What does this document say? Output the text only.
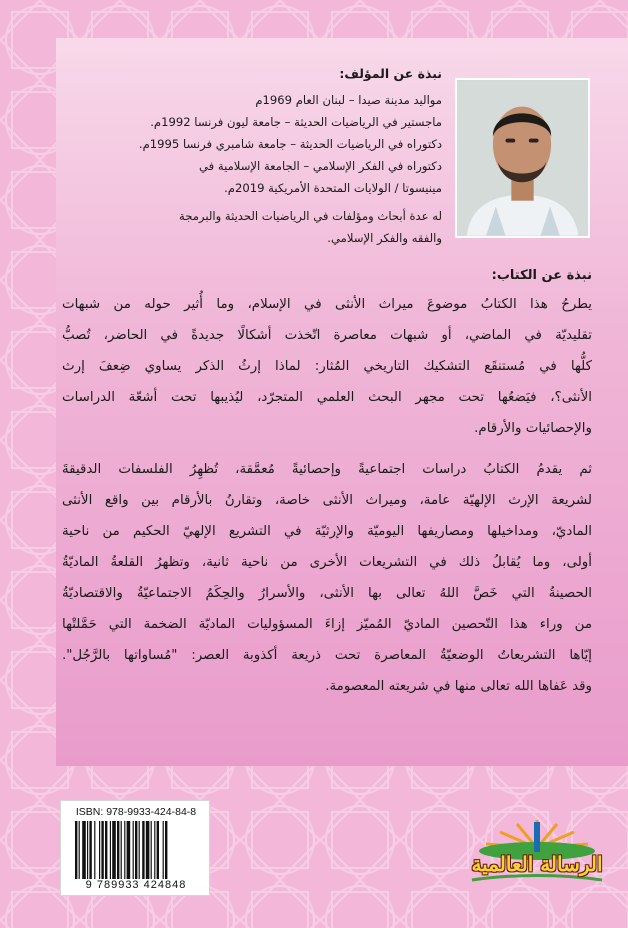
نبذة عن المؤلف:
مواليد مدينة صيدا – لبنان العام 1969م
ماجستير في الرياضيات الحديثة – جامعة ليون فرنسا 1992م.
دكتوراه في الرياضيات الحديثة – جامعة شامبري فرنسا 1995م.
دكتوراه في الفكر الإسلامي – الجامعة الإسلامية في
مينيسوتا / الولايات المتحدة الأمريكية 2019م.
له عدة أبحاث ومؤلفات في الرياضيات الحديثة والبرمجة
والفقه والفكر الإسلامي.
نبذة عن الكتاب:
يطرحُ هذا الكتابُ موضوعَ ميراث الأنثى في الإسلام، وما أُثير حوله من شبهات
تقليديّة في الماضي، أو شبهات معاصرة اتّخذت أشكالًا جديدةً في الحاضر، تُصبُّ
كلُّها في مُستنقَع التشكيك التاريخي المُثار: لماذا إرثُ الذكر يساوي ضِعفَ إرث
الأنثى؟، فيَضعُها تحت مجهر البحث العلمي المتجرّد، ليُذيبها تحت أشعّة الدراسات
والإحصائيات والأرقام.
ثم يقدمُ الكتابُ دراسات اجتماعيةً وإحصائيةً مُعمَّقة، تُظهِرُ الفلسفات الدقيقةَ
لشريعة الإرث الإلهيّة عامة، وميراث الأنثى خاصة، وتقارنُ بالأرقام بين واقع الأنثى
الماديّ، ومداخيلها ومصاريفها اليوميّة والإرثيّة في التشريع الإلهيّ الحكيم من ناحية
أولى، وما يُقابلُ ذلك في التشريعات الأخرى من ناحية ثانية، وتظهرُ القلعةُ الماديّةُ
الحصينةُ التي خَصَّ اللهُ تعالى بها الأنثى، والأسرارُ والحِكَمُ الاجتماعيّةُ والاقتصاديّةُ
من وراء هذا التّحصين الماديّ المُميّز إزاءَ المسؤوليات الماديّة الضخمة التي حَمَّلتْها
إيّاها التشريعاتُ الوضعيّةُ المعاصرة تحت ذريعة أكذوبة العصر: "مُساواتها بالرَّجُل".
وقد عَفاها الله تعالى منها في شريعته المعصومة.
ISBN: 978-9933-424-84-8
9 789933 424848
الرسالة العالمية
